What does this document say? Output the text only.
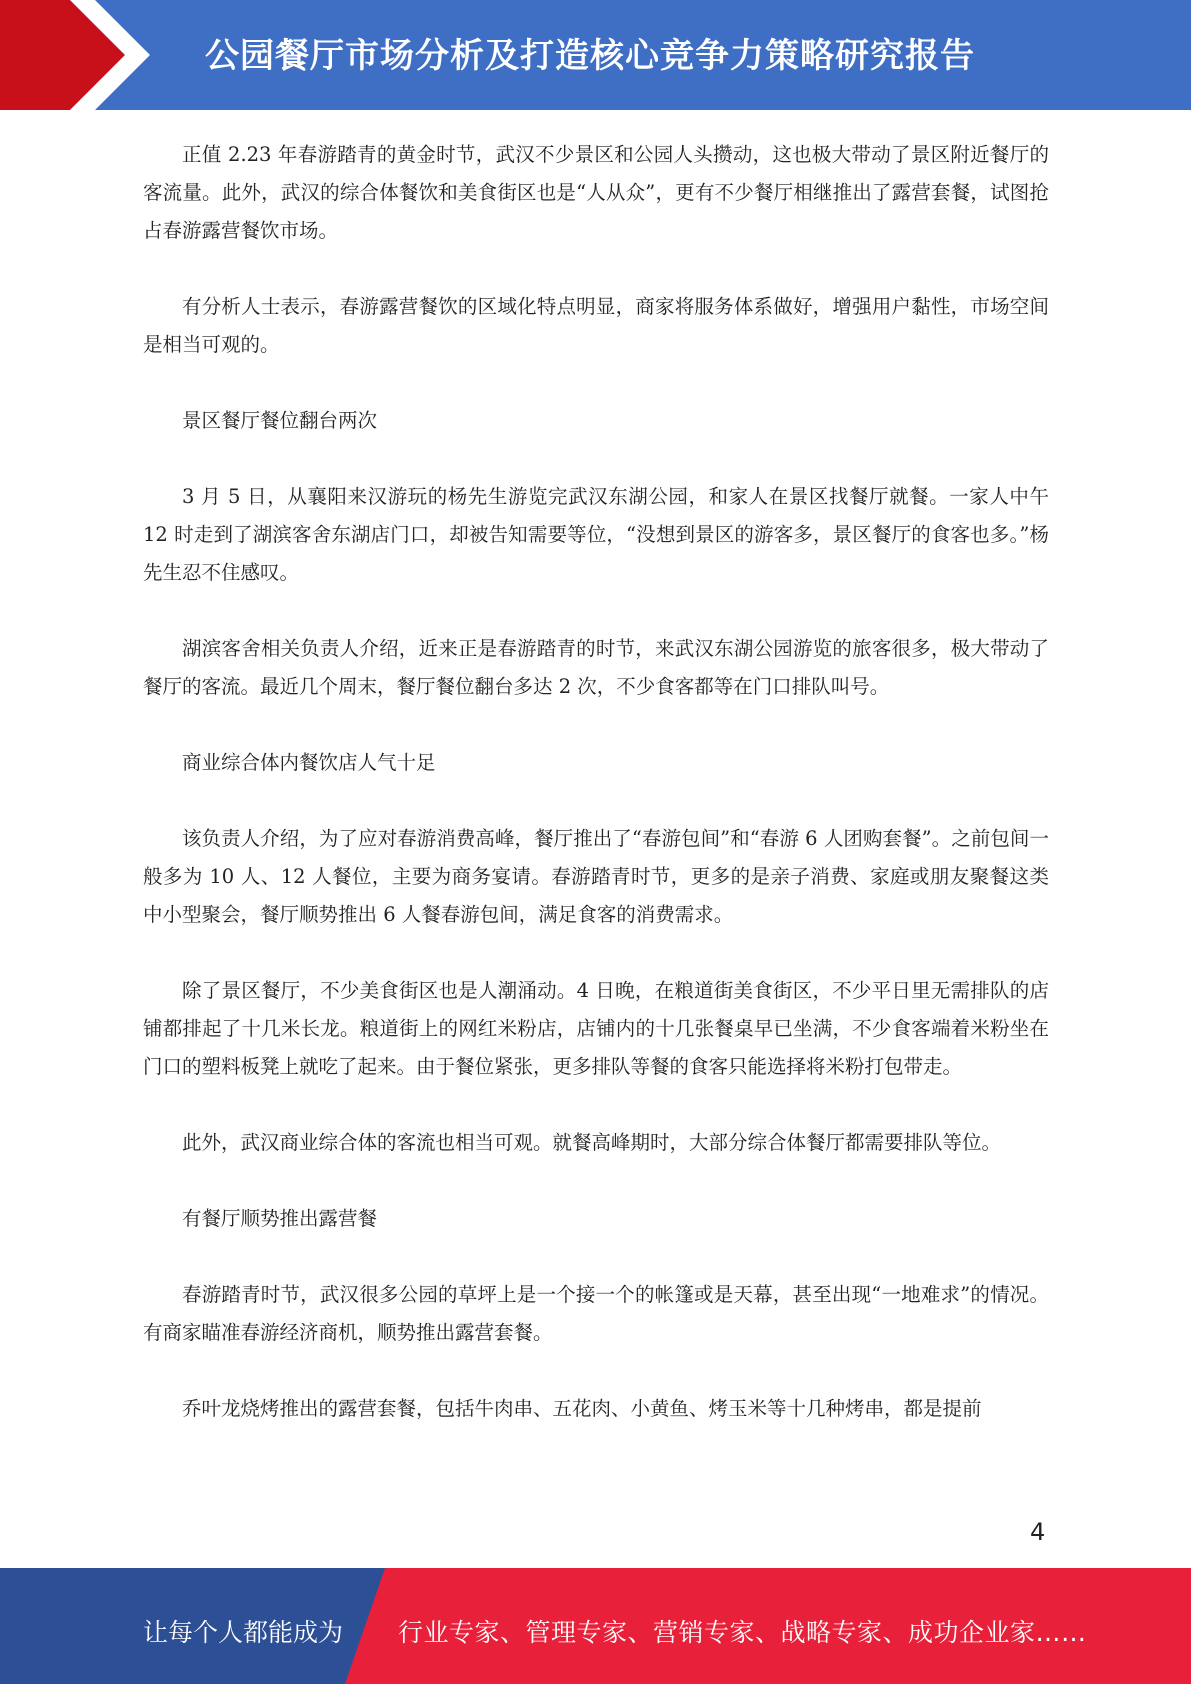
公园餐厅市场分析及打造核心竞争力策略研究报告

正值 2.23 年春游踏青的黄金时节，武汉不少景区和公园人头攒动，这也极大带动了景区附近餐厅的客流量。此外，武汉的综合体餐饮和美食街区也是“人从众”，更有不少餐厅相继推出了露营套餐，试图抢占春游露营餐饮市场。

有分析人士表示，春游露营餐饮的区域化特点明显，商家将服务体系做好，增强用户黏性，市场空间是相当可观的。

景区餐厅餐位翻台两次

3 月 5 日，从襄阳来汉游玩的杨先生游览完武汉东湖公园，和家人在景区找餐厅就餐。一家人中午 12 时走到了湖滨客舍东湖店门口，却被告知需要等位，“没想到景区的游客多，景区餐厅的食客也多。”杨先生忍不住感叹。

湖滨客舍相关负责人介绍，近来正是春游踏青的时节，来武汉东湖公园游览的旅客很多，极大带动了餐厅的客流。最近几个周末，餐厅餐位翻台多达 2 次，不少食客都等在门口排队叫号。

商业综合体内餐饮店人气十足

该负责人介绍，为了应对春游消费高峰，餐厅推出了“春游包间”和“春游 6 人团购套餐”。之前包间一般多为 10 人、12 人餐位，主要为商务宴请。春游踏青时节，更多的是亲子消费、家庭或朋友聚餐这类中小型聚会，餐厅顺势推出 6 人餐春游包间，满足食客的消费需求。

除了景区餐厅，不少美食街区也是人潮涌动。4 日晚，在粮道街美食街区，不少平日里无需排队的店铺都排起了十几米长龙。粮道街上的网红米粉店，店铺内的十几张餐桌早已坐满，不少食客端着米粉坐在门口的塑料板凳上就吃了起来。由于餐位紧张，更多排队等餐的食客只能选择将米粉打包带走。

此外，武汉商业综合体的客流也相当可观。就餐高峰期时，大部分综合体餐厅都需要排队等位。

有餐厅顺势推出露营餐

春游踏青时节，武汉很多公园的草坪上是一个接一个的帐篷或是天幕，甚至出现“一地难求”的情况。有商家瞄准春游经济商机，顺势推出露营套餐。

乔叶龙烧烤推出的露营套餐，包括牛肉串、五花肉、小黄鱼、烤玉米等十几种烤串，都是提前

4
让每个人都能成为 行业专家、管理专家、营销专家、战略专家、成功企业家……
